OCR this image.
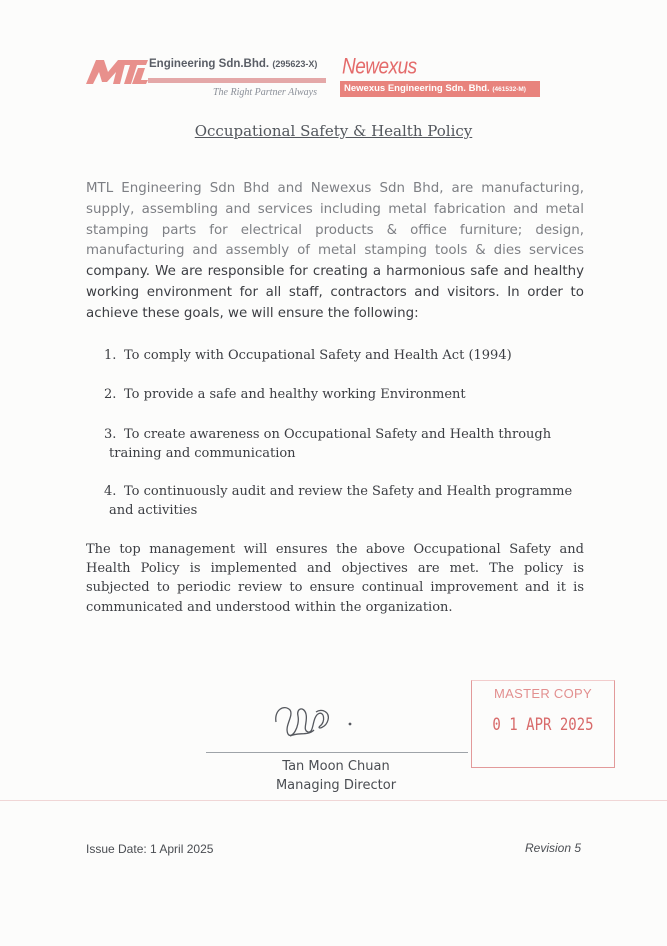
Engineering Sdn.Bhd. (295623-X)
The Right Partner Always
Newexus
Newexus Engineering Sdn. Bhd. (461532-M)
Occupational Safety & Health Policy

MTL Engineering Sdn Bhd and Newexus Sdn Bhd, are manufacturing, supply, assembling and services including metal fabrication and metal stamping parts for electrical products & office furniture; design, manufacturing and assembly of metal stamping tools & dies services company. We are responsible for creating a harmonious safe and healthy working environment for all staff, contractors and visitors. In order to achieve these goals, we will ensure the following:

1. To comply with Occupational Safety and Health Act (1994)
2. To provide a safe and healthy working Environment
3. To create awareness on Occupational Safety and Health through
training and communication
4. To continuously audit and review the Safety and Health programme
and activities

The top management will ensures the above Occupational Safety and Health Policy is implemented and objectives are met. The policy is subjected to periodic review to ensure continual improvement and it is communicated and understood within the organization.

Tan Moon Chuan
Managing Director
MASTER COPY
0 1 APR 2025
Issue Date: 1 April 2025	Revision 5
